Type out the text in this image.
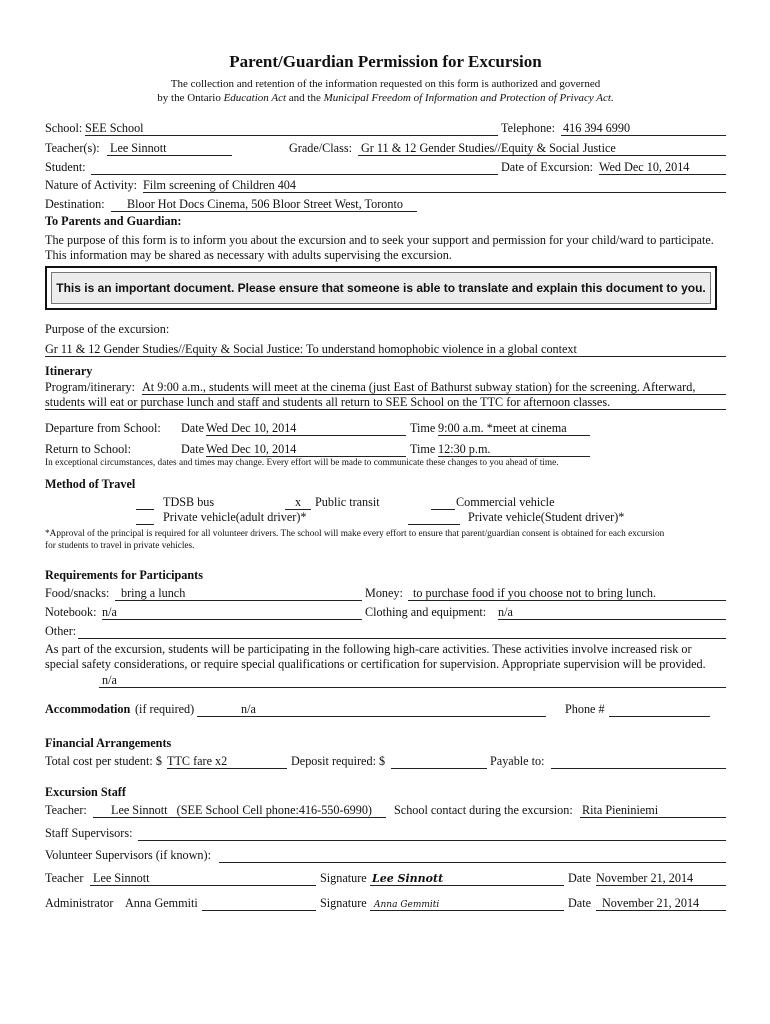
Parent/Guardian Permission for Excursion
The collection and retention of the information requested on this form is authorized and governed
by the Ontario Education Act and the Municipal Freedom of Information and Protection of Privacy Act.
School: SEE School	Telephone: 416 394 6990
Teacher(s): Lee Sinnott	Grade/Class: Gr 11 & 12 Gender Studies//Equity & Social Justice
Student:	Date of Excursion: Wed Dec 10, 2014
Nature of Activity: Film screening of Children 404
Destination:	Bloor Hot Docs Cinema, 506 Bloor Street West, Toronto
To Parents and Guardian:
The purpose of this form is to inform you about the excursion and to seek your support and permission for your child/ward to participate. This information may be shared as necessary with adults supervising the excursion.
This is an important document. Please ensure that someone is able to translate and explain this document to you.
Purpose of the excursion:
Gr 11 & 12 Gender Studies//Equity & Social Justice: To understand homophobic violence in a global context
Itinerary
Program/itinerary: At 9:00 a.m., students will meet at the cinema (just East of Bathurst subway station) for the screening. Afterward,
students will eat or purchase lunch and staff and students all return to SEE School on the TTC for afternoon classes.
Departure from School: Date Wed Dec 10, 2014	Time 9:00 a.m. *meet at cinema
Return to School:	Date Wed Dec 10, 2014	Time 12:30 p.m.
In exceptional circumstances, dates and times may change. Every effort will be made to communicate these changes to you ahead of time.
Method of Travel
TDSB bus	x	Public transit	Commercial vehicle
Private vehicle(adult driver)*	Private vehicle(Student driver)*
*Approval of the principal is required for all volunteer drivers. The school will make every effort to ensure that parent/guardian consent is obtained for each excursion
for students to travel in private vehicles.
Requirements for Participants
Food/snacks: bring a lunch	Money: to purchase food if you choose not to bring lunch.
Notebook: n/a	Clothing and equipment: n/a
Other:
As part of the excursion, students will be participating in the following high-care activities. These activities involve increased risk or special safety considerations, or require special qualifications or certification for supervision. Appropriate supervision will be provided.
n/a
Accommodation (if required)	n/a	Phone #
Financial Arrangements
Total cost per student: $ TTC fare x2	Deposit required: $	Payable to:
Excursion Staff
Teacher:	Lee Sinnott   (SEE School Cell phone:416-550-6990)	School contact during the excursion: Rita Pieniniemi
Staff Supervisors:
Volunteer Supervisors (if known):
Teacher Lee Sinnott	Signature Lee Sinnott	Date November 21, 2014
Administrator Anna Gemmiti	Signature Anna Gemmiti	Date November 21, 2014
